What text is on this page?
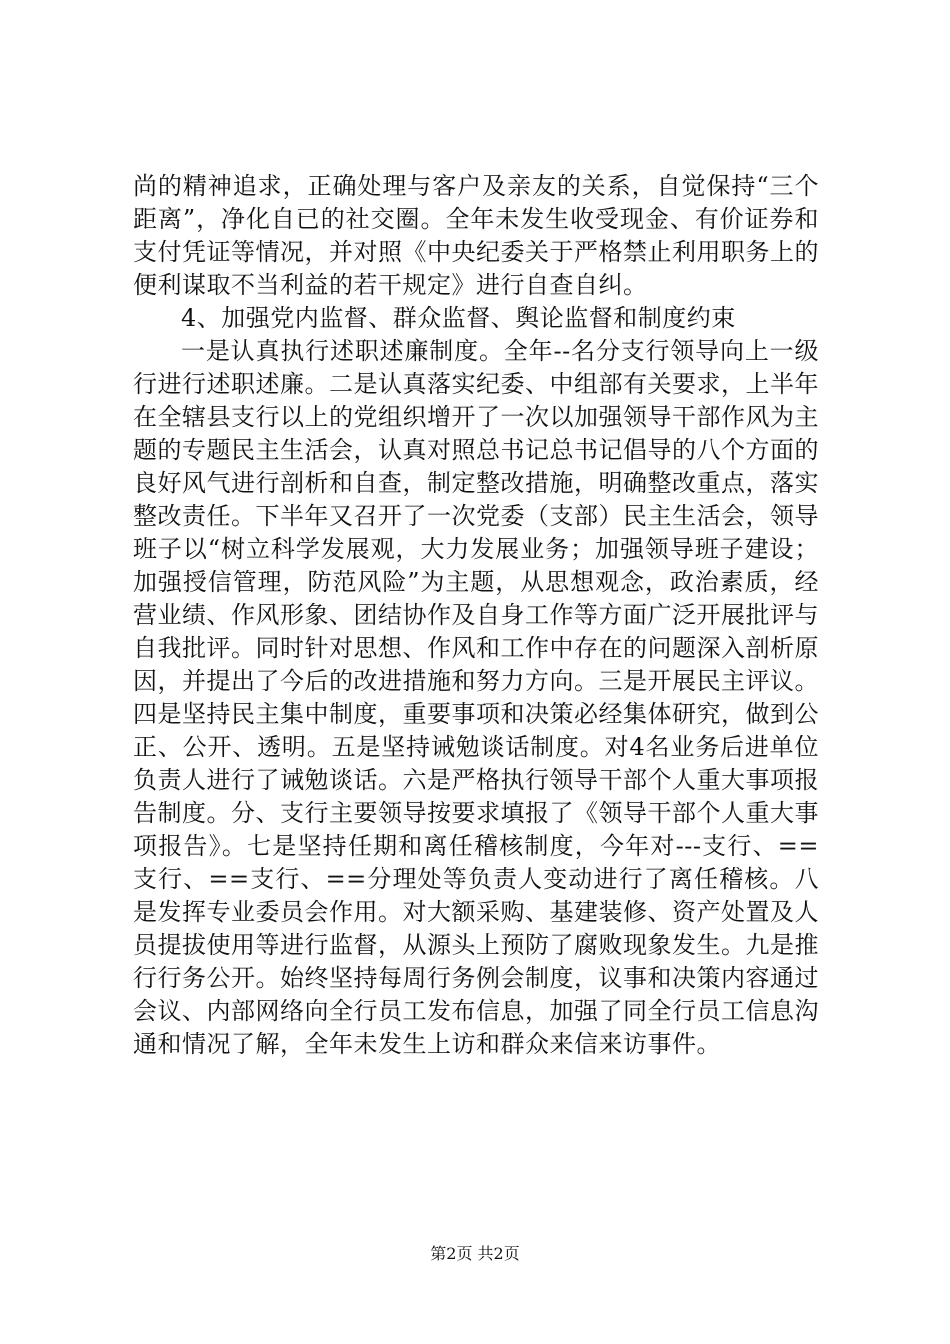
尚的精神追求，正确处理与客户及亲友的关系，自觉保持“三个距离”，净化自已的社交圈。全年未发生收受现金、有价证券和支付凭证等情况，并对照《中央纪委关于严格禁止利用职务上的便利谋取不当利益的若干规定》进行自查自纠。

4、加强党内监督、群众监督、舆论监督和制度约束

一是认真执行述职述廉制度。全年--名分支行领导向上一级行进行述职述廉。二是认真落实纪委、中组部有关要求，上半年在全辖县支行以上的党组织增开了一次以加强领导干部作风为主题的专题民主生活会，认真对照总书记总书记倡导的八个方面的良好风气进行剖析和自查，制定整改措施，明确整改重点，落实整改责任。下半年又召开了一次党委（支部）民主生活会，领导班子以“树立科学发展观，大力发展业务；加强领导班子建设；加强授信管理，防范风险”为主题，从思想观念，政治素质，经营业绩、作风形象、团结协作及自身工作等方面广泛开展批评与自我批评。同时针对思想、作风和工作中存在的问题深入剖析原因，并提出了今后的改进措施和努力方向。三是开展民主评议。四是坚持民主集中制度，重要事项和决策必经集体研究，做到公正、公开、透明。五是坚持诫勉谈话制度。对4名业务后进单位负责人进行了诫勉谈话。六是严格执行领导干部个人重大事项报告制度。分、支行主要领导按要求填报了《领导干部个人重大事项报告》。七是坚持任期和离任稽核制度，今年对---支行、==支行、==支行、==分理处等负责人变动进行了离任稽核。八是发挥专业委员会作用。对大额采购、基建装修、资产处置及人员提拔使用等进行监督，从源头上预防了腐败现象发生。九是推行行务公开。始终坚持每周行务例会制度，议事和决策内容通过会议、内部网络向全行员工发布信息，加强了同全行员工信息沟通和情况了解，全年未发生上访和群众来信来访事件。

第2页 共2页
